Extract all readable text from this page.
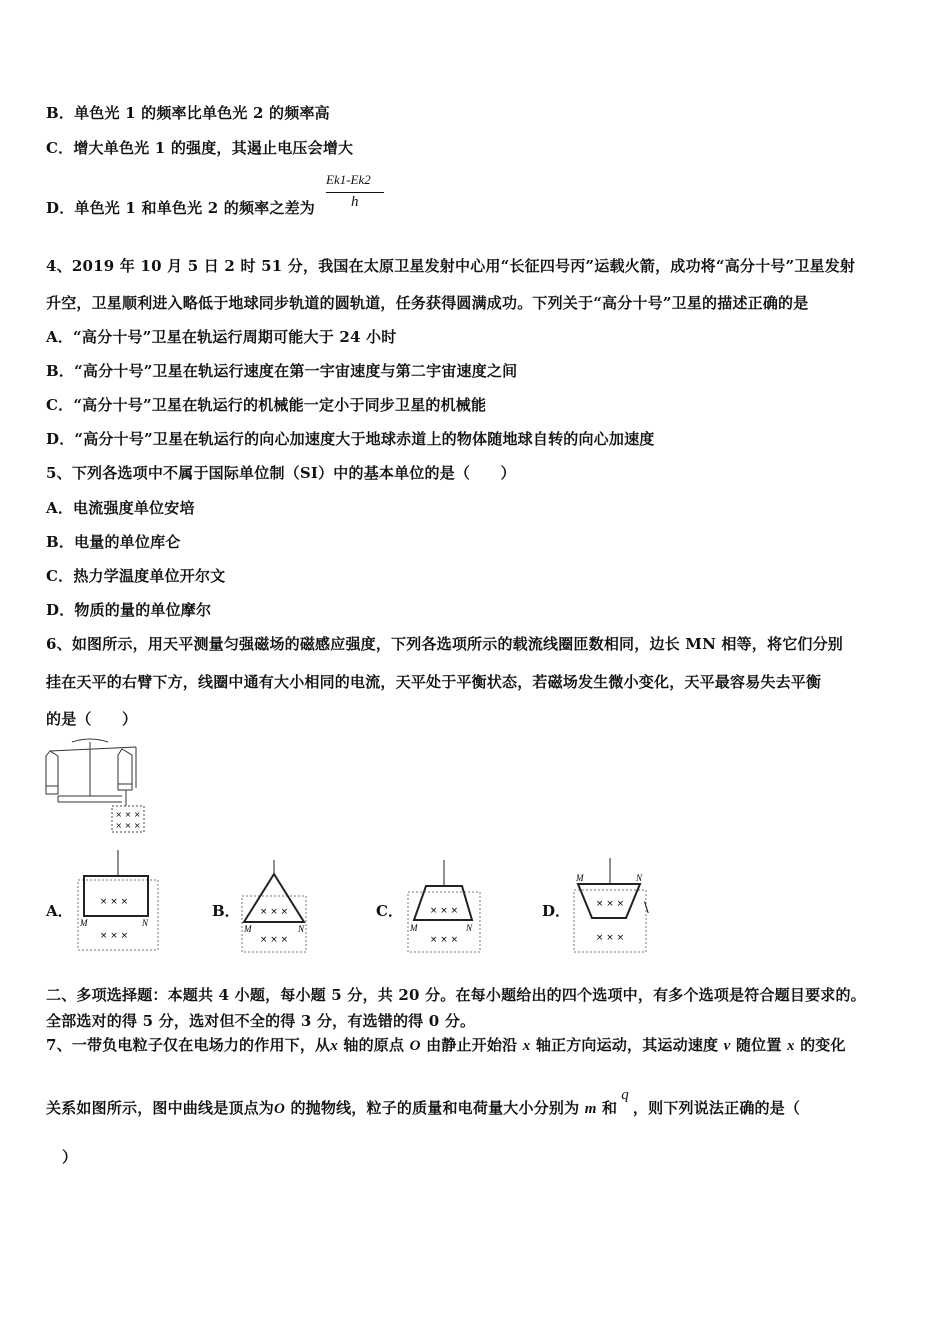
B．单色光 1 的频率比单色光 2 的频率高
C．增大单色光 1 的强度，其遏止电压会增大
D．单色光 1 和单色光 2 的频率之差为
Ek1-Ek2
h
4、2019 年 10 月 5 日 2 时 51 分，我国在太原卫星发射中心用“长征四号丙”运载火箭，成功将“高分十号”卫星发射
升空，卫星顺利进入略低于地球同步轨道的圆轨道，任务获得圆满成功。下列关于“高分十号”卫星的描述正确的是
A．“高分十号”卫星在轨运行周期可能大于 24 小时
B．“高分十号”卫星在轨运行速度在第一宇宙速度与第二宇宙速度之间
C．“高分十号”卫星在轨运行的机械能一定小于同步卫星的机械能
D．“高分十号”卫星在轨运行的向心加速度大于地球赤道上的物体随地球自转的向心加速度
5、下列各选项中不属于国际单位制（SI）中的基本单位的是（　　）
A．电流强度单位安培
B．电量的单位库仑
C．热力学温度单位开尔文
D．物质的量的单位摩尔
6、如图所示，用天平测量匀强磁场的磁感应强度，下列各选项所示的载流线圈匝数相同，边长 MN 相等，将它们分别
挂在天平的右臂下方，线圈中通有大小相同的电流，天平处于平衡状态，若磁场发生微小变化，天平最容易失去平衡
的是（　　）
× × ×
× × ×
A．	× × ×
× × ×
M	N
B． × × ×
× × ×
M	N
C．	× × ×
× × ×
M	N
D．	× × ×
× × ×
M	N
\
二、多项选择题：本题共 4 小题，每小题 5 分，共 20 分。在每小题给出的四个选项中，有多个选项是符合题目要求的。
全部选对的得 5 分，选对但不全的得 3 分，有选错的得 0 分。
7、一带负电粒子仅在电场力的作用下，从x 轴的原点 O 由静止开始沿 x 轴正方向运动，其运动速度 v 随位置 x 的变化
关系如图所示，图中曲线是顶点为O 的抛物线，粒子的质量和电荷量大小分别为 m 和q，则下列说法正确的是（
）
